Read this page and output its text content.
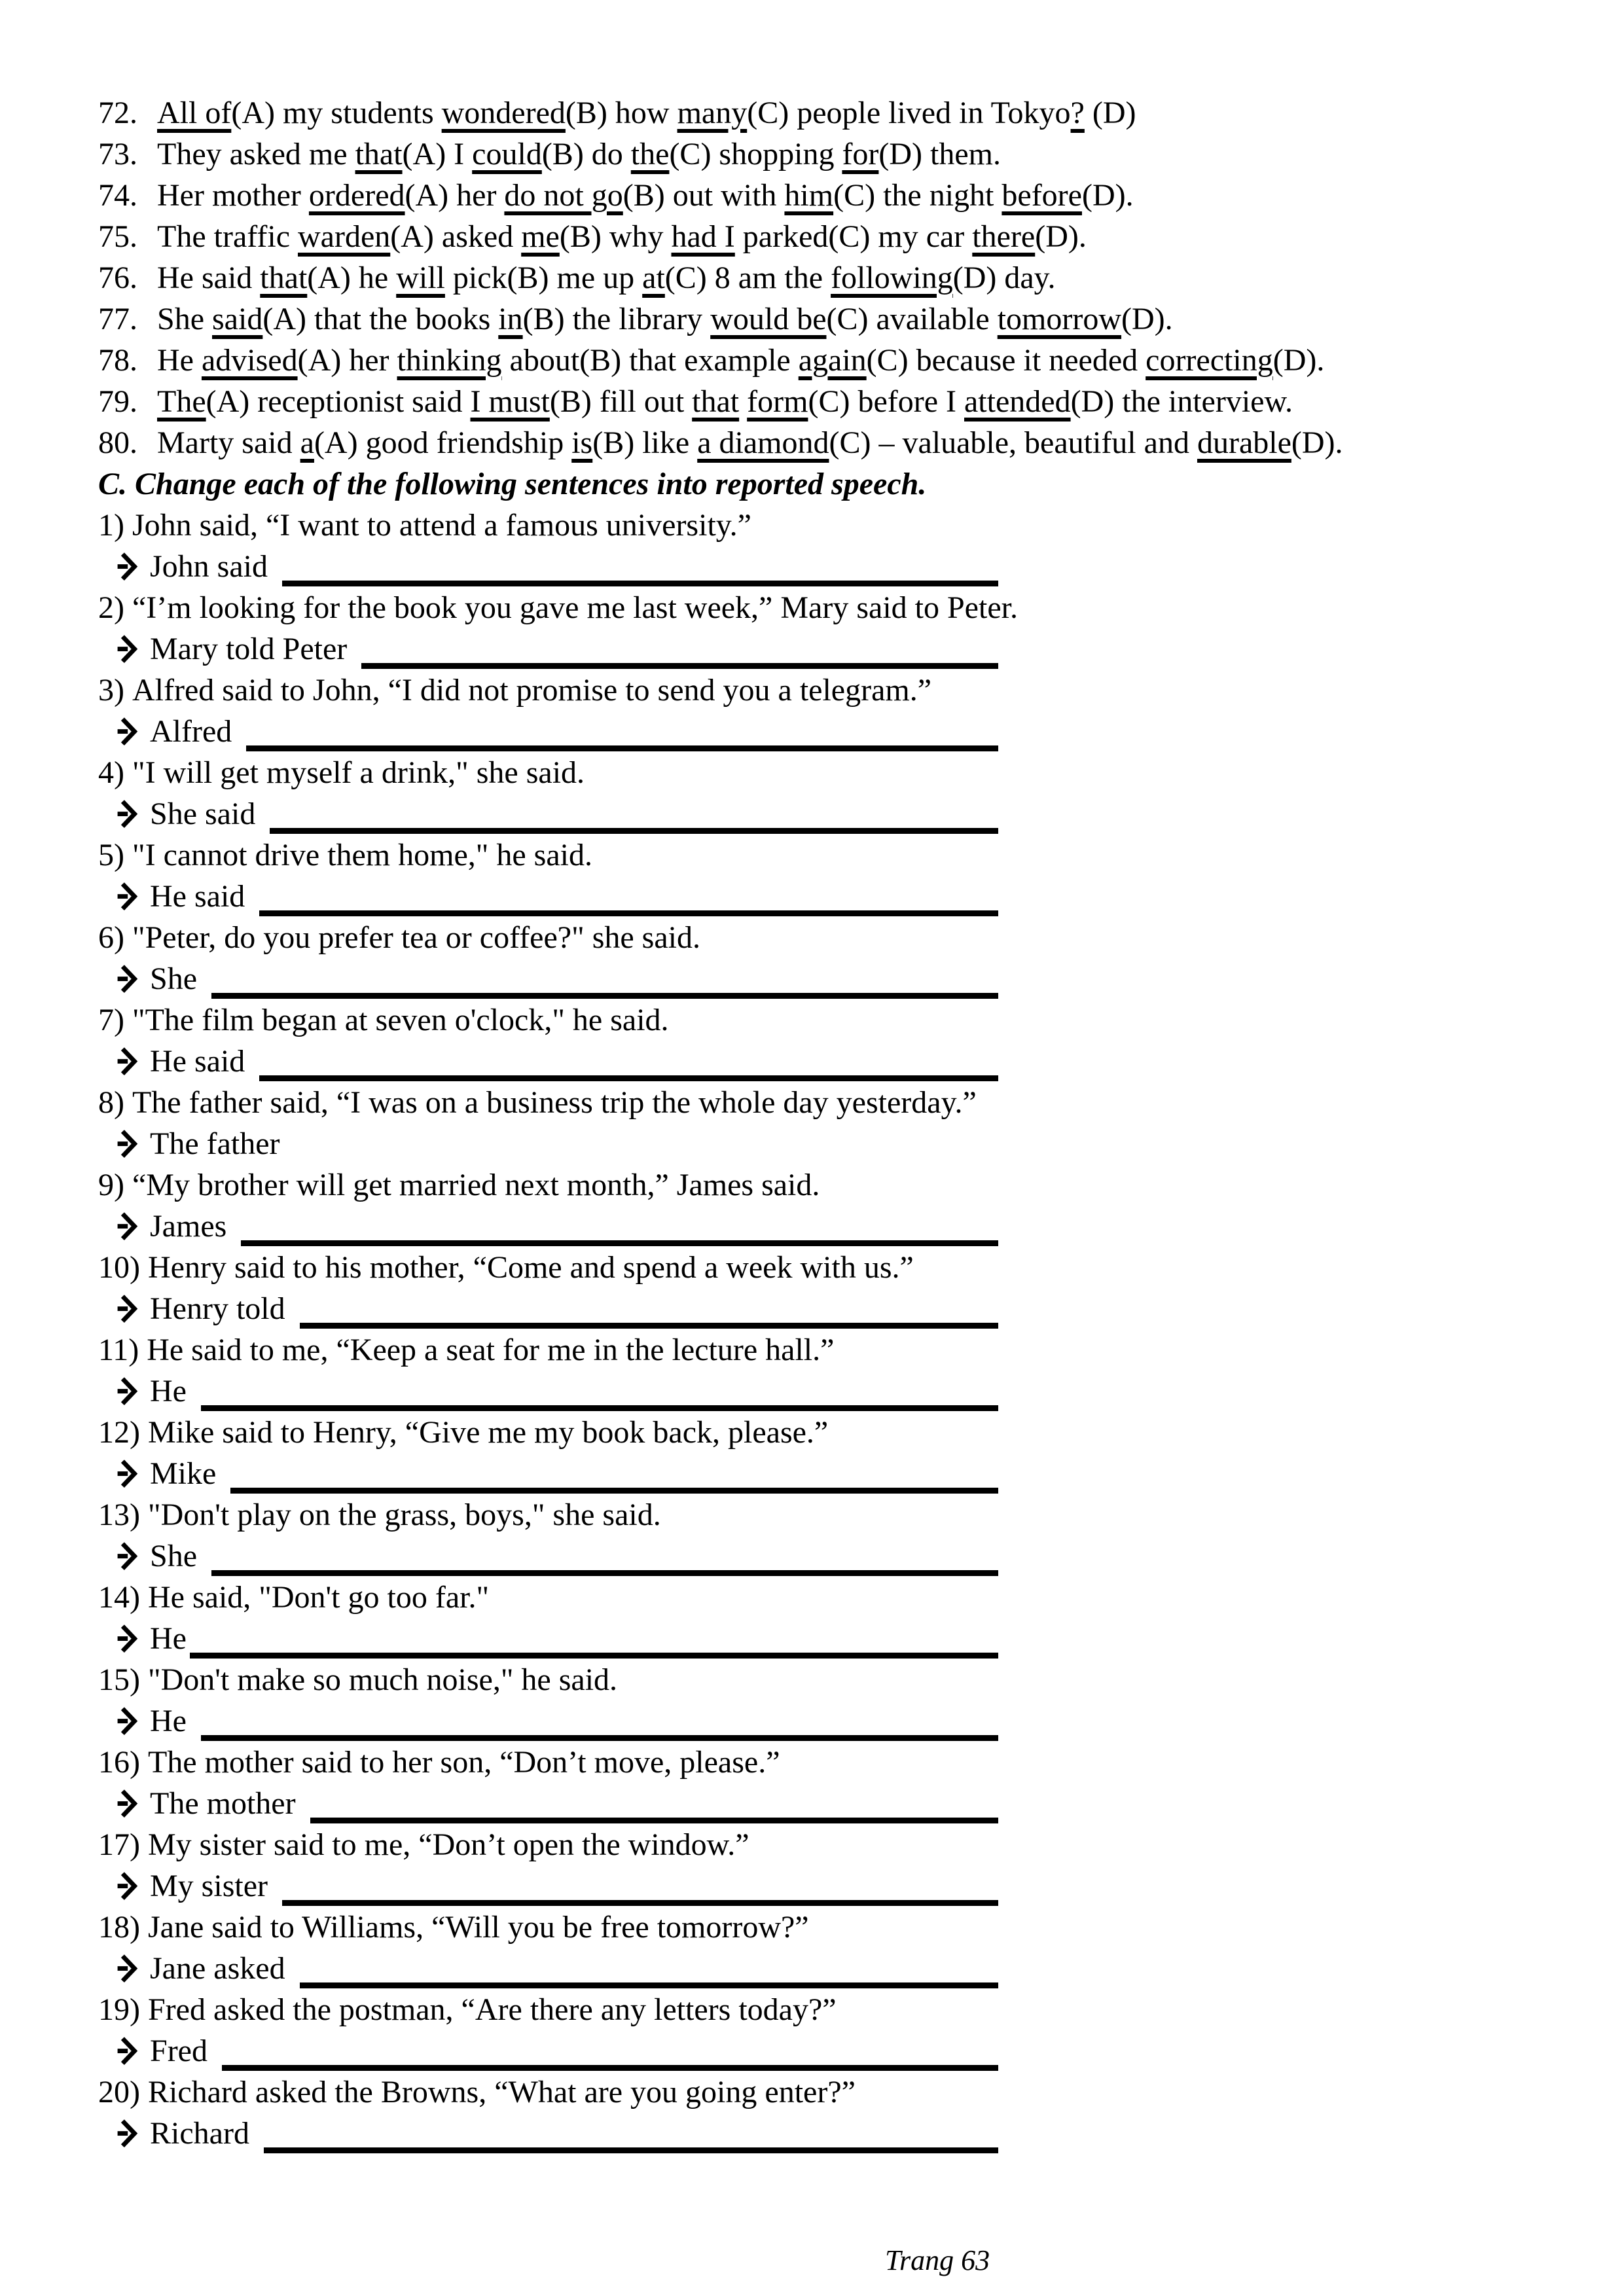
72. All of(A) my students wondered(B) how many(C) people lived in Tokyo? (D)
73. They asked me that(A) I could(B) do the(C) shopping for(D) them.
74. Her mother ordered(A) her do not go(B) out with him(C) the night before(D).
75. The traffic warden(A) asked me(B) why had I parked(C) my car there(D).
76. He said that(A) he will pick(B) me up at(C) 8 am the following(D) day.
77. She said(A) that the books in(B) the library would be(C) available tomorrow(D).
78. He advised(A) her thinking about(B) that example again(C) because it needed correcting(D).
79. The(A) receptionist said I must(B) fill out that form(C) before I attended(D) the interview.
80. Marty said a(A) good friendship is(B) like a diamond(C) – valuable, beautiful and durable(D).
C. Change each of the following sentences into reported speech.
1) John said, “I want to attend a famous university.”
John said
2) “I’m looking for the book you gave me last week,” Mary said to Peter.
Mary told Peter
3) Alfred said to John, “I did not promise to send you a telegram.”
Alfred
4) "I will get myself a drink," she said.
She said
5) "I cannot drive them home," he said.
He said
6) "Peter, do you prefer tea or coffee?" she said.
She
7) "The film began at seven o'clock," he said.
He said
8) The father said, “I was on a business trip the whole day yesterday.”
The father
9) “My brother will get married next month,” James said.
James
10) Henry said to his mother, “Come and spend a week with us.”
Henry told
11) He said to me, “Keep a seat for me in the lecture hall.”
He
12) Mike said to Henry, “Give me my book back, please.”
Mike
13) "Don't play on the grass, boys," she said.
She
14) He said, "Don't go too far."
He
15) "Don't make so much noise," he said.
He
16) The mother said to her son, “Don’t move, please.”
The mother
17) My sister said to me, “Don’t open the window.”
My sister
18) Jane said to Williams, “Will you be free tomorrow?”
Jane asked
19) Fred asked the postman, “Are there any letters today?”
Fred
20) Richard asked the Browns, “What are you going enter?”
Richard
Trang 63
